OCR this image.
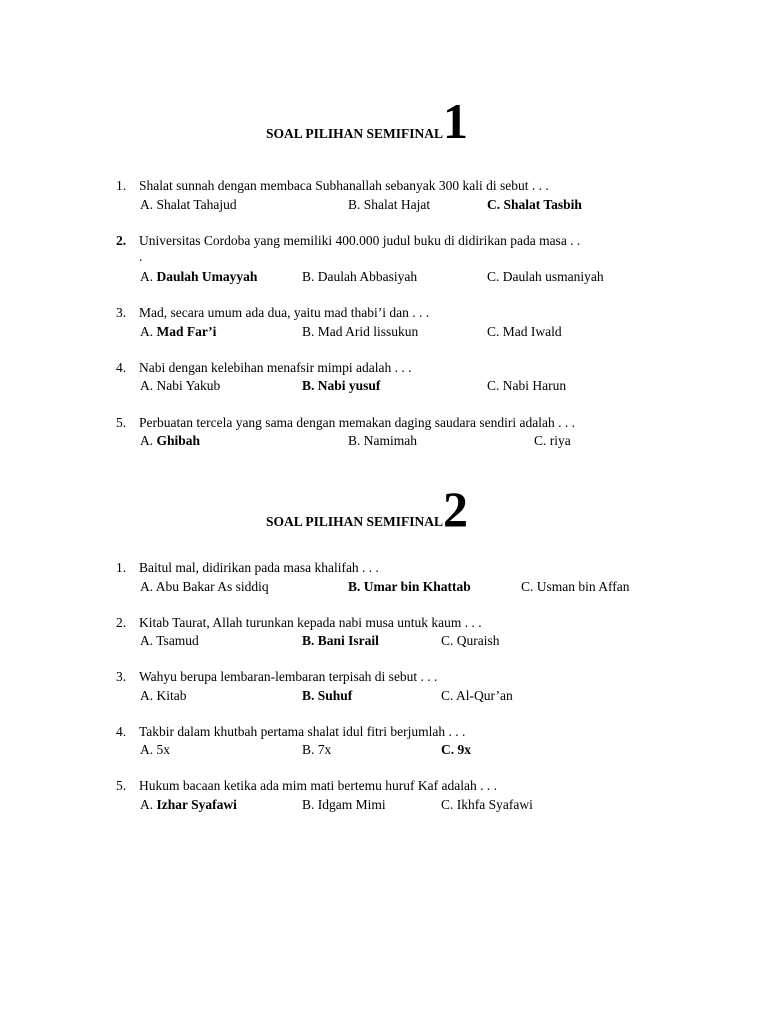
SOAL PILIHAN SEMIFINAL1
1. Shalat sunnah dengan membaca Subhanallah sebanyak 300 kali di sebut . . .
A. Shalat Tahajud	B. Shalat Hajat	C. Shalat Tasbih
2. Universitas Cordoba yang memiliki 400.000 judul buku di didirikan pada masa . .
.
A. Daulah Umayyah	B. Daulah Abbasiyah	C. Daulah usmaniyah
3. Mad, secara umum ada dua, yaitu mad thabi’i dan . . .
A. Mad Far’i	B. Mad Arid lissukun	C. Mad Iwald
4. Nabi dengan kelebihan menafsir mimpi adalah . . .
A. Nabi Yakub	B. Nabi yusuf	C. Nabi Harun
5. Perbuatan tercela yang sama dengan memakan daging saudara sendiri adalah . . .
A. Ghibah	B. Namimah	C. riya
SOAL PILIHAN SEMIFINAL2
1. Baitul mal, didirikan pada masa khalifah . . .
A. Abu Bakar As siddiq	B. Umar bin Khattab	C. Usman bin Affan
2. Kitab Taurat, Allah turunkan kepada nabi musa untuk kaum . . .
A. Tsamud	B. Bani Israil	C. Quraish
3. Wahyu berupa lembaran-lembaran terpisah di sebut . . .
A. Kitab	B. Suhuf	C. Al-Qur’an
4. Takbir dalam khutbah pertama shalat idul fitri berjumlah . . .
A. 5x	B. 7x	C. 9x
5. Hukum bacaan ketika ada mim mati bertemu huruf Kaf adalah . . .
A. Izhar Syafawi	B. Idgam Mimi	C. Ikhfa Syafawi
